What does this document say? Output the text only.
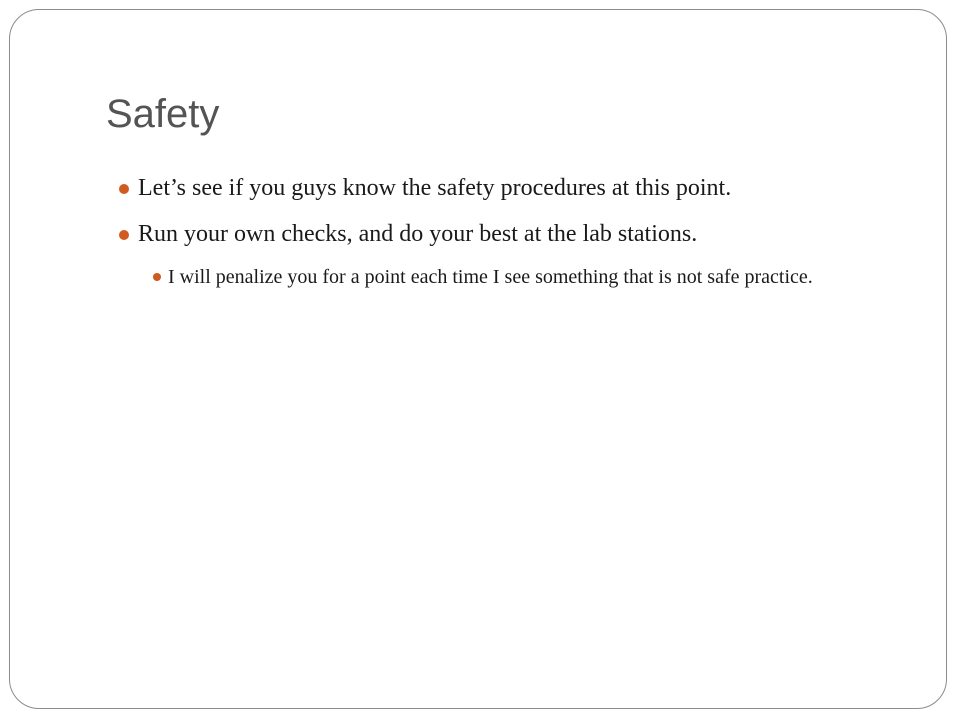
Safety
Let’s see if you guys know the safety procedures at this point.
Run your own checks, and do your best at the lab stations.
I will penalize you for a point each time I see something that is not safe practice.
